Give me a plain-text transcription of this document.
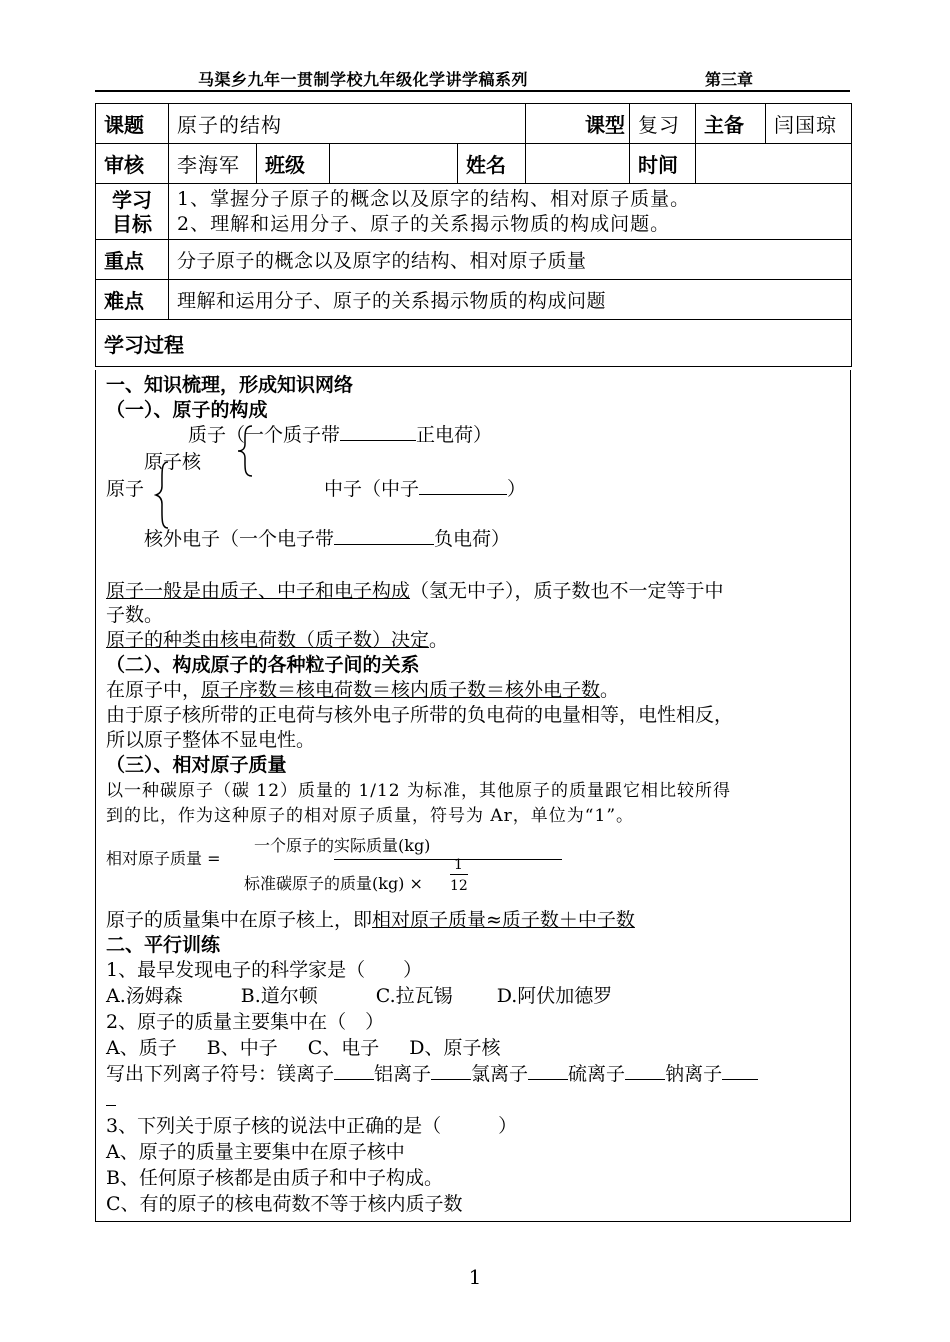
马渠乡九年一贯制学校九年级化学讲学稿系列	第三章
课题	原子的结构				课型	复习	主备	闫国琼
审核	李海军	班级		姓名		时间		
学习
目标	1、掌握分子原子的概念以及原字的结构、相对原子质量。
2、理解和运用分子、原子的关系揭示物质的构成问题。							
重点	分子原子的概念以及原字的结构、相对原子质量							
难点	理解和运用分子、原子的关系揭示物质的构成问题							
学习过程								
一、知识梳理，形成知识网络
（一）、原子的构成
质子（一个质子带	正电荷）
原子核
原子	中子（中子	）
核外电子（一个电子带	负电荷）
原子一般是由质子、中子和电子构成（氢无中子），质子数也不一定等于中
子数。
原子的种类由核电荷数（质子数）决定。
（二）、构成原子的各种粒子间的关系
在原子中，原子序数＝核电荷数＝核内质子数＝核外电子数。
由于原子核所带的正电荷与核外电子所带的负电荷的电量相等，电性相反，
所以原子整体不显电性。
（三）、相对原子质量
以一种碳原子（碳 12）质量的 1/12 为标准，其他原子的质量跟它相比较所得
到的比，作为这种原子的相对原子质量，符号为 Ar，单位为“1”。
相对原子质量 =
一个原子的实际质量(kg)
标准碳原子的质量(kg) ×
1
12
原子的质量集中在原子核上，即相对原子质量≈质子数＋中子数
二、平行训练
1、最早发现电子的科学家是（　　）
A.汤姆森	B.道尔顿	C.拉瓦锡 D.阿伏加德罗
2、原子的质量主要集中在（　）
A、质子 B、中子 C、电子 D、原子核
写出下列离子符号：镁离子 铝离子 氯离子 硫离子 钠离子
3、下列关于原子核的说法中正确的是（　　　）
A、原子的质量主要集中在原子核中
B、任何原子核都是由质子和中子构成。
C、有的原子的核电荷数不等于核内质子数
1
